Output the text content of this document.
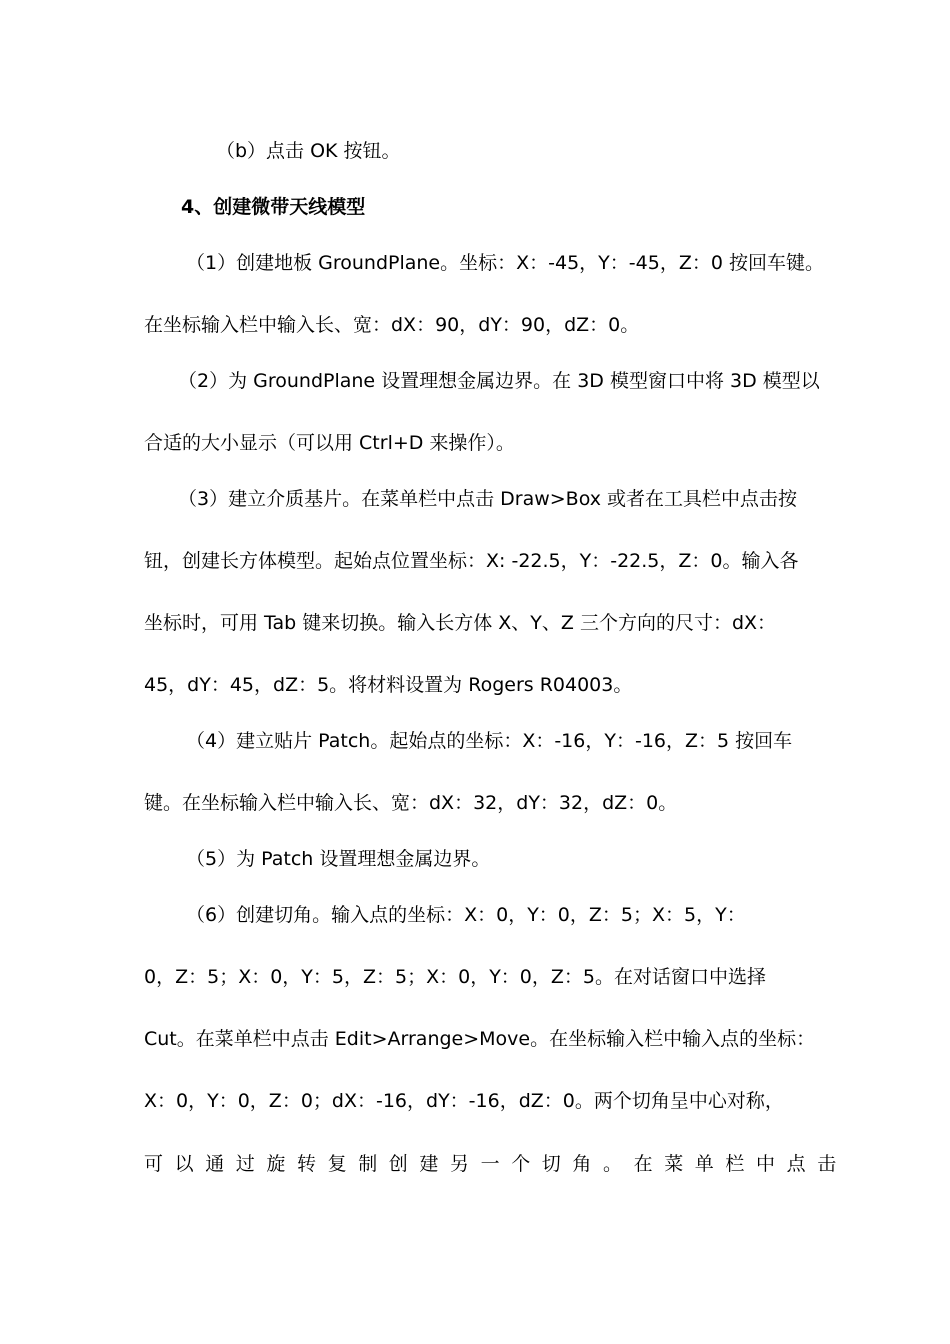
（b）点击 OK 按钮。
4、创建微带天线模型
（1）创建地板 GroundPlane。坐标：X：-45，Y：-45，Z：0 按回车键。
在坐标输入栏中输入长、宽：dX：90，dY：90，dZ：0。
（2）为 GroundPlane 设置理想金属边界。在 3D 模型窗口中将 3D 模型以
合适的大小显示（可以用 Ctrl+D 来操作）。
（3）建立介质基片。在菜单栏中点击 Draw>Box 或者在工具栏中点击按
钮，创建长方体模型。起始点位置坐标：X: -22.5，Y：-22.5，Z：0。输入各
坐标时，可用 Tab 键来切换。输入长方体 X、Y、Z 三个方向的尺寸：dX：
45，dY：45，dZ：5。将材料设置为 Rogers R04003。
（4）建立贴片 Patch。起始点的坐标：X：-16，Y：-16，Z：5 按回车
键。在坐标输入栏中输入长、宽：dX：32，dY：32，dZ：0。
（5）为 Patch 设置理想金属边界。
（6）创建切角。输入点的坐标：X：0，Y：0，Z：5；X：5，Y：
0，Z：5；X：0，Y：5，Z：5；X：0，Y：0，Z：5。在对话窗口中选择
Cut。在菜单栏中点击 Edit>Arrange>Move。在坐标输入栏中输入点的坐标：
X：0，Y：0，Z：0；dX：-16，dY：-16，dZ：0。两个切角呈中心对称，
可以通过旋转复制创建另一个切角。在菜单栏中点击
